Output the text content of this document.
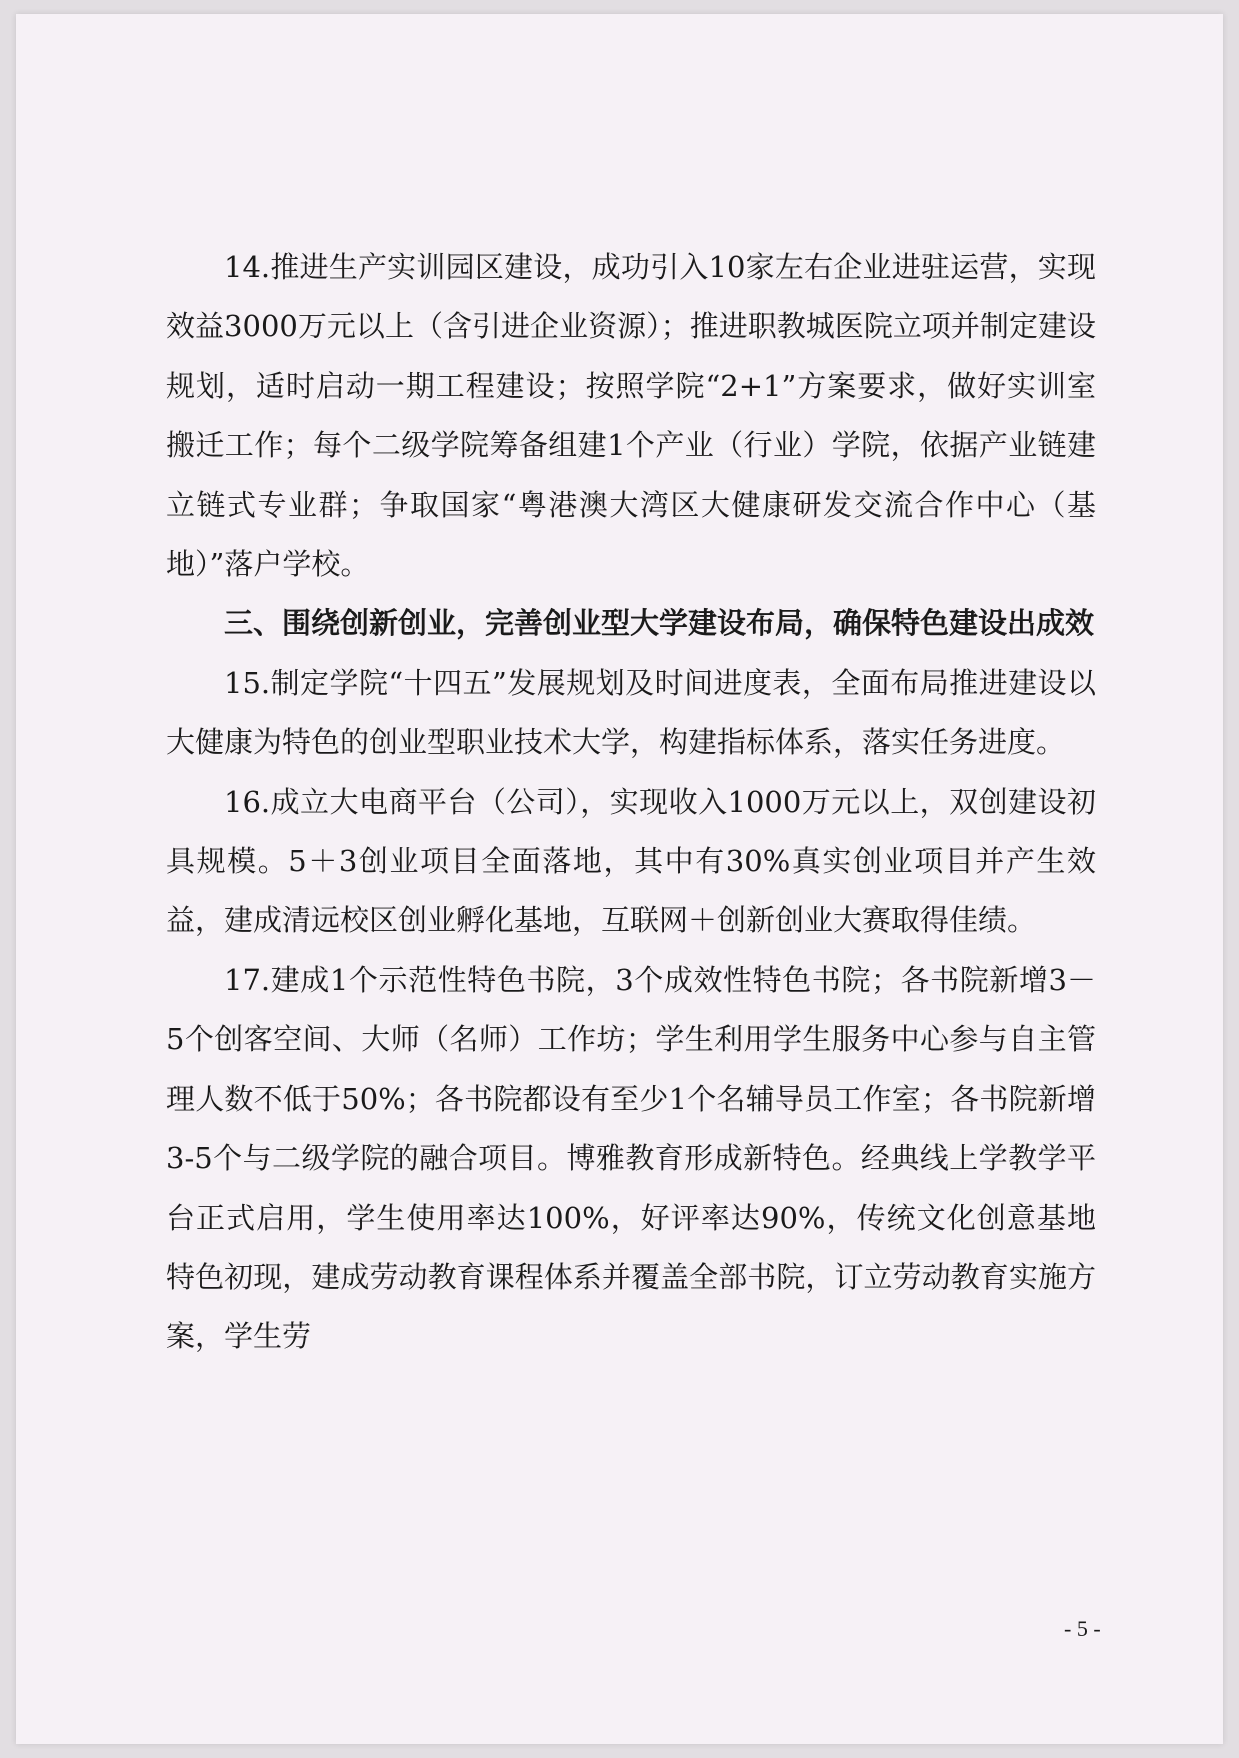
14.推进生产实训园区建设，成功引入10家左右企业进驻运营，实现效益3000万元以上（含引进企业资源）；推进职教城医院立项并制定建设规划，适时启动一期工程建设；按照学院“2+1”方案要求，做好实训室搬迁工作；每个二级学院筹备组建1个产业（行业）学院，依据产业链建立链式专业群；争取国家“粤港澳大湾区大健康研发交流合作中心（基地）”落户学校。

三、围绕创新创业，完善创业型大学建设布局，确保特色建设出成效

15.制定学院“十四五”发展规划及时间进度表，全面布局推进建设以大健康为特色的创业型职业技术大学，构建指标体系，落实任务进度。

16.成立大电商平台（公司），实现收入1000万元以上，双创建设初具规模。5＋3创业项目全面落地，其中有30%真实创业项目并产生效益，建成清远校区创业孵化基地，互联网＋创新创业大赛取得佳绩。

17.建成1个示范性特色书院，3个成效性特色书院；各书院新增3－5个创客空间、大师（名师）工作坊；学生利用学生服务中心参与自主管理人数不低于50%；各书院都设有至少1个名辅导员工作室；各书院新增3-5个与二级学院的融合项目。博雅教育形成新特色。经典线上学教学平台正式启用，学生使用率达100%，好评率达90%，传统文化创意基地特色初现，建成劳动教育课程体系并覆盖全部书院，订立劳动教育实施方案，学生劳

- 5 -
